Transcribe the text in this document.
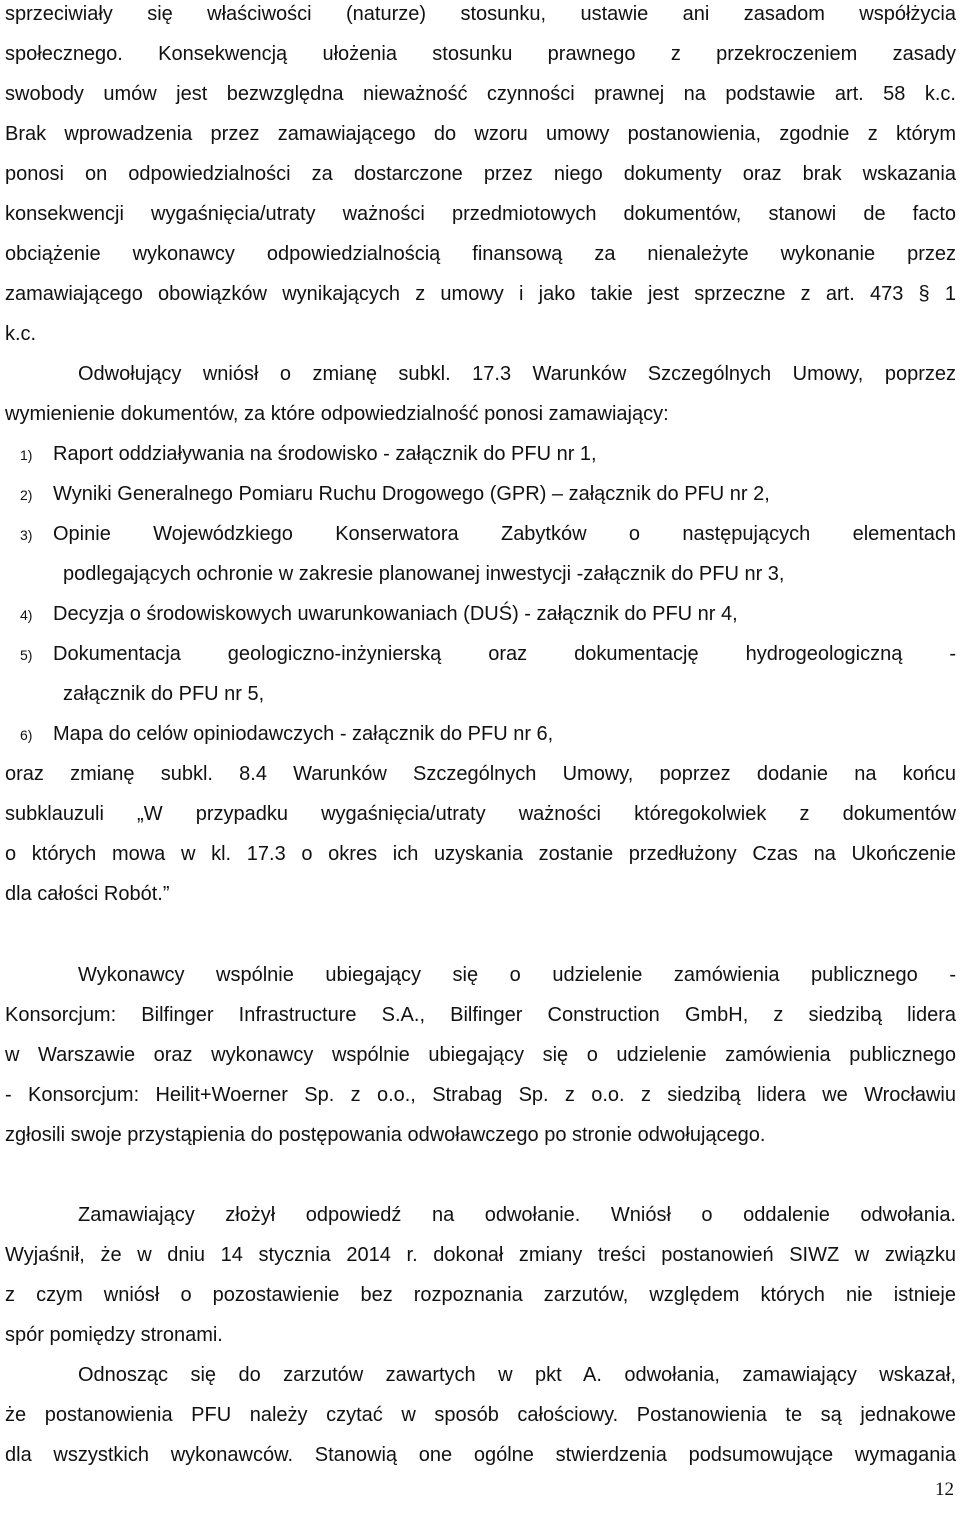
sprzeciwiały się właściwości (naturze) stosunku, ustawie ani zasadom współżycia
społecznego. Konsekwencją ułożenia stosunku prawnego z przekroczeniem zasady
swobody umów jest bezwzględna nieważność czynności prawnej na podstawie art. 58 k.c.
Brak wprowadzenia przez zamawiającego do wzoru umowy postanowienia, zgodnie z którym
ponosi on odpowiedzialności za dostarczone przez niego dokumenty oraz brak wskazania
konsekwencji wygaśnięcia/utraty ważności przedmiotowych dokumentów, stanowi de facto
obciążenie wykonawcy odpowiedzialnością finansową za nienależyte wykonanie przez
zamawiającego obowiązków wynikających z umowy i jako takie jest sprzeczne z art. 473 § 1
k.c.
Odwołujący wniósł o zmianę subkl. 17.3 Warunków Szczególnych Umowy, poprzez
wymienienie dokumentów, za które odpowiedzialność ponosi zamawiający:
1) Raport oddziaływania na środowisko - załącznik do PFU nr 1,
2) Wyniki Generalnego Pomiaru Ruchu Drogowego (GPR) – załącznik do PFU nr 2,
3) Opinie Wojewódzkiego Konserwatora Zabytków o następujących elementach
podlegających ochronie w zakresie planowanej inwestycji -załącznik do PFU nr 3,
4) Decyzja o środowiskowych uwarunkowaniach (DUŚ) - załącznik do PFU nr 4,
5) Dokumentacja geologiczno-inżynierską oraz dokumentację hydrogeologiczną -
załącznik do PFU nr 5,
6) Mapa do celów opiniodawczych - załącznik do PFU nr 6,
oraz zmianę subkl. 8.4 Warunków Szczególnych Umowy, poprzez dodanie na końcu
subklauzuli „W przypadku wygaśnięcia/utraty ważności któregokolwiek z dokumentów
o których mowa w kl. 17.3 o okres ich uzyskania zostanie przedłużony Czas na Ukończenie
dla całości Robót.”
Wykonawcy wspólnie ubiegający się o udzielenie zamówienia publicznego -
Konsorcjum: Bilfinger Infrastructure S.A., Bilfinger Construction GmbH, z siedzibą lidera
w Warszawie oraz wykonawcy wspólnie ubiegający się o udzielenie zamówienia publicznego
- Konsorcjum: Heilit+Woerner Sp. z o.o., Strabag Sp. z o.o. z siedzibą lidera we Wrocławiu
zgłosili swoje przystąpienia do postępowania odwoławczego po stronie odwołującego.
Zamawiający złożył odpowiedź na odwołanie. Wniósł o oddalenie odwołania.
Wyjaśnił, że w dniu 14 stycznia 2014 r. dokonał zmiany treści postanowień SIWZ w związku
z czym wniósł o pozostawienie bez rozpoznania zarzutów, względem których nie istnieje
spór pomiędzy stronami.
Odnosząc się do zarzutów zawartych w pkt A. odwołania, zamawiający wskazał,
że postanowienia PFU należy czytać w sposób całościowy. Postanowienia te są jednakowe
dla wszystkich wykonawców. Stanowią one ogólne stwierdzenia podsumowujące wymagania
12
